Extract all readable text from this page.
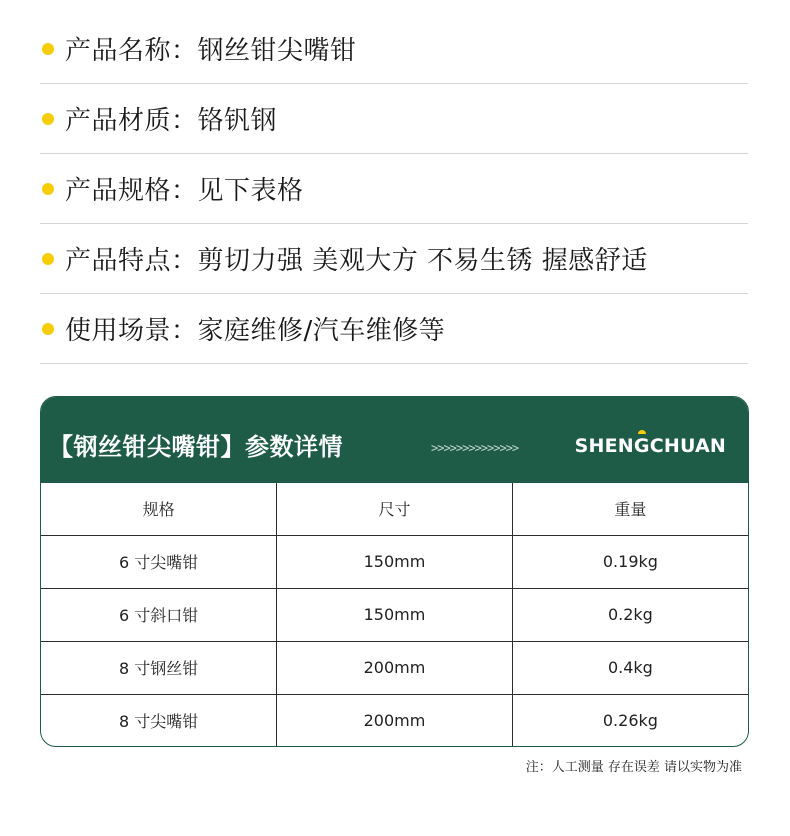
产品名称：钢丝钳尖嘴钳
产品材质：铬钒钢
产品规格：见下表格
产品特点：剪切力强 美观大方 不易生锈 握感舒适
使用场景：家庭维修/汽车维修等
【钢丝钳尖嘴钳】参数详情	>>>>>>>>>>>>>>	SHENGCHUAN
规格	尺寸	重量
6 寸尖嘴钳	150mm	0.19kg
6 寸斜口钳	150mm	0.2kg
8 寸钢丝钳	200mm	0.4kg
8 寸尖嘴钳	200mm	0.26kg
注：人工测量 存在误差 请以实物为准
